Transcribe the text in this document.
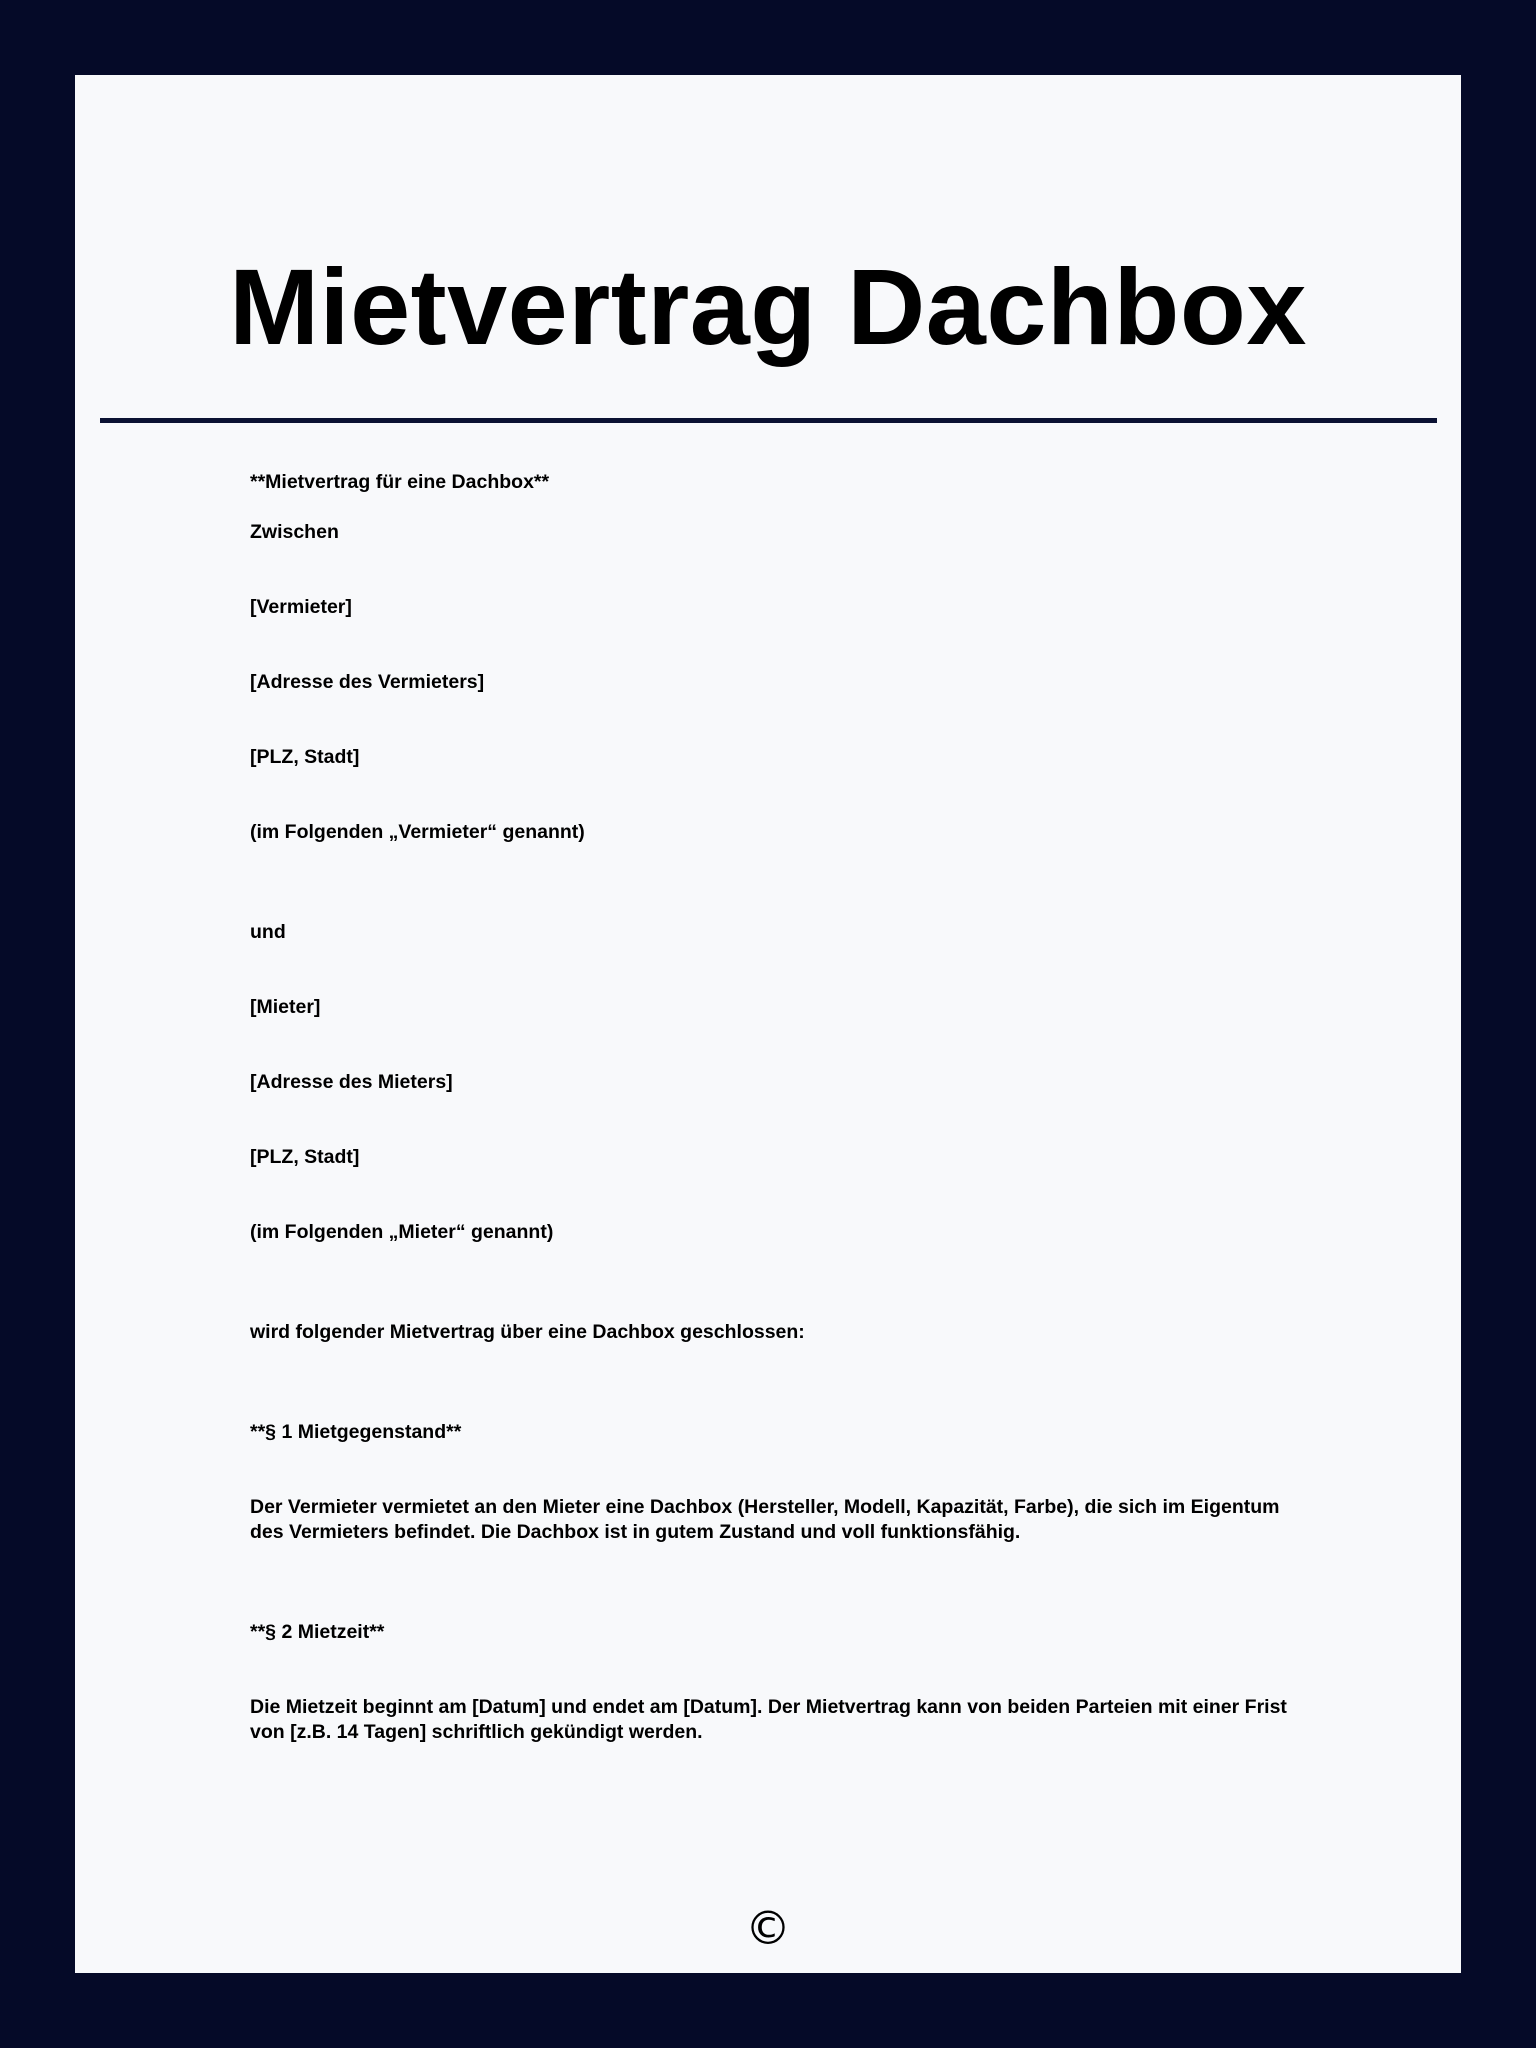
Mietvertrag Dachbox

**Mietvertrag für eine Dachbox**

Zwischen

[Vermieter]

[Adresse des Vermieters]

[PLZ, Stadt]

(im Folgenden „Vermieter“ genannt)

und

[Mieter]

[Adresse des Mieters]

[PLZ, Stadt]

(im Folgenden „Mieter“ genannt)

wird folgender Mietvertrag über eine Dachbox geschlossen:

**§ 1 Mietgegenstand**

Der Vermieter vermietet an den Mieter eine Dachbox (Hersteller, Modell, Kapazität, Farbe), die sich im Eigentum des Vermieters befindet. Die Dachbox ist in gutem Zustand und voll funktionsfähig.

**§ 2 Mietzeit**

Die Mietzeit beginnt am [Datum] und endet am [Datum]. Der Mietvertrag kann von beiden Parteien mit einer Frist von [z.B. 14 Tagen] schriftlich gekündigt werden.

©
